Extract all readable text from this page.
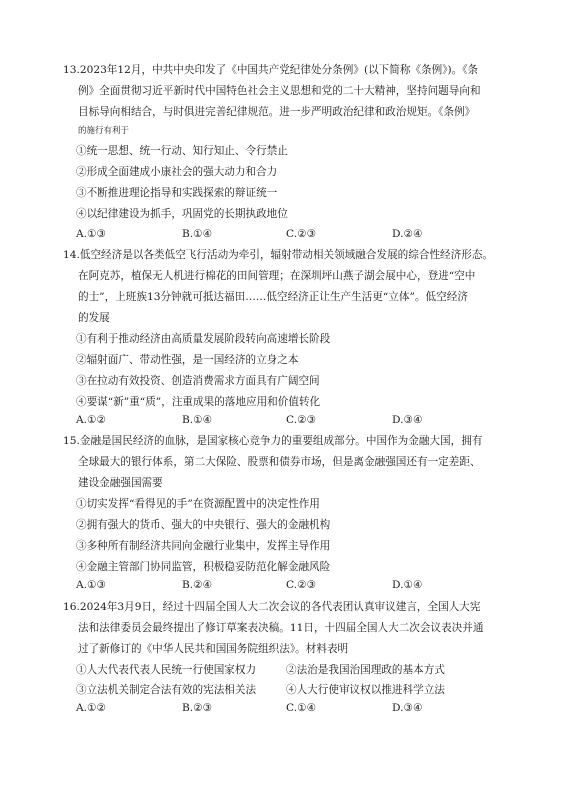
13.2023年12月，中共中央印发了《中国共产党纪律处分条例》(以下简称《条例》)。《条
例》全面贯彻习近平新时代中国特色社会主义思想和党的二十大精神，坚持问题导向和
目标导向相结合，与时俱进完善纪律规范。进一步严明政治纪律和政治规矩。《条例》
的施行有利于
①统一思想、统一行动、知行知止、令行禁止
②形成全面建成小康社会的强大动力和合力
③不断推进理论指导和实践探索的辩证统一
④以纪律建设为抓手，巩固党的长期执政地位
A.①③	B.①④	C.②③	D.②④
14.低空经济是以各类低空飞行活动为牵引，辐射带动相关领域融合发展的综合性经济形态。
在阿克苏，植保无人机进行棉花的田间管理；在深圳坪山燕子湖会展中心，登进“空中
的士”，上班族13分钟就可抵达福田……低空经济正让生产生活更“立体”。低空经济
的发展
①有利于推动经济由高质量发展阶段转向高速增长阶段
②辐射面广、带动性强，是一国经济的立身之本
③在拉动有效投资、创造消费需求方面具有广阔空间
④要谋“新”重“质”，注重成果的落地应用和价值转化
A.①②	B.①④	C.②③	D.③④
15.金融是国民经济的血脉，是国家核心竞争力的重要组成部分。中国作为金融大国，拥有
全球最大的银行体系，第二大保险、股票和债券市场，但是离金融强国还有一定差距、
建设金融强国需要
①切实发挥“看得见的手”在资源配置中的决定性作用
②拥有强大的货币、强大的中央银行、强大的金融机构
③多种所有制经济共同向金融行业集中，发挥主导作用
④金融主管部门协同监管，积极稳妥防范化解金融风险
A.①③	B.②④	C.②③	D.①④
16.2024年3月9日，经过十四届全国人大二次会议的各代表团认真审议建言，全国人大宪
法和法律委员会最终提出了修订草案表决稿。11日，十四届全国人大二次会议表决并通
过了新修订的《中华人民共和国国务院组织法》。材料表明
①人大代表代表人民统一行使国家权力	②法治是我国治国理政的基本方式
③立法机关制定合法有效的宪法相关法	④人大行使审议权以推进科学立法
A.①②	B.②③	C.①④	D.③④
